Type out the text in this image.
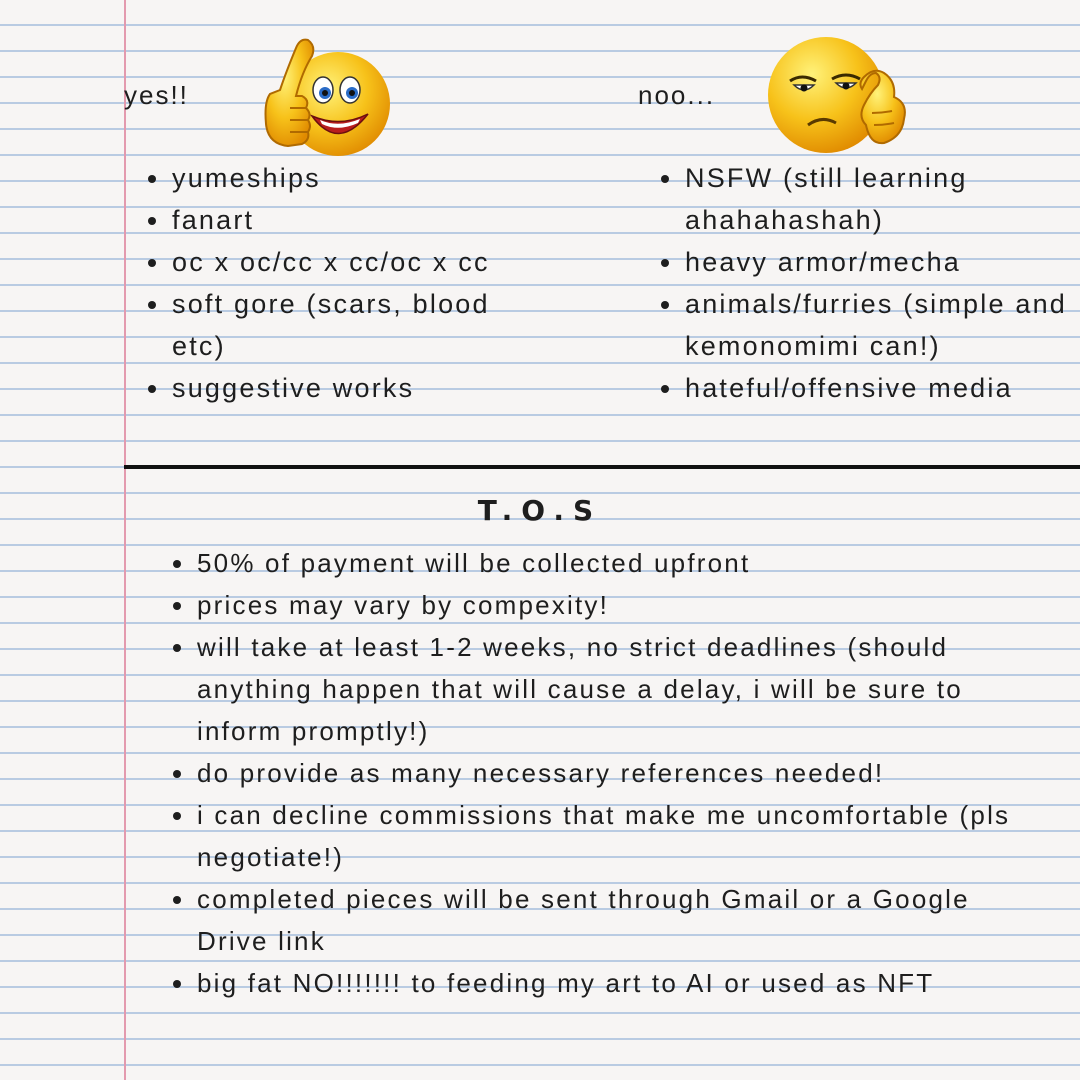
yes!!
yumeships
fanart
oc x oc/cc x cc/oc x cc
soft gore (scars, blood etc)
suggestive works
noo...
NSFW (still learning ahahahashah)
heavy armor/mecha
animals/furries (simple and kemonomimi can!)
hateful/offensive media
T.O.S
50% of payment will be collected upfront
prices may vary by compexity!
will take at least 1-2 weeks, no strict deadlines (should anything happen that will cause a delay, i will be sure to inform promptly!)
do provide as many necessary references needed!
i can decline commissions that make me uncomfortable (pls negotiate!)
completed pieces will be sent through Gmail or a Google Drive link
big fat NO!!!!!!! to feeding my art to AI or used as NFT
